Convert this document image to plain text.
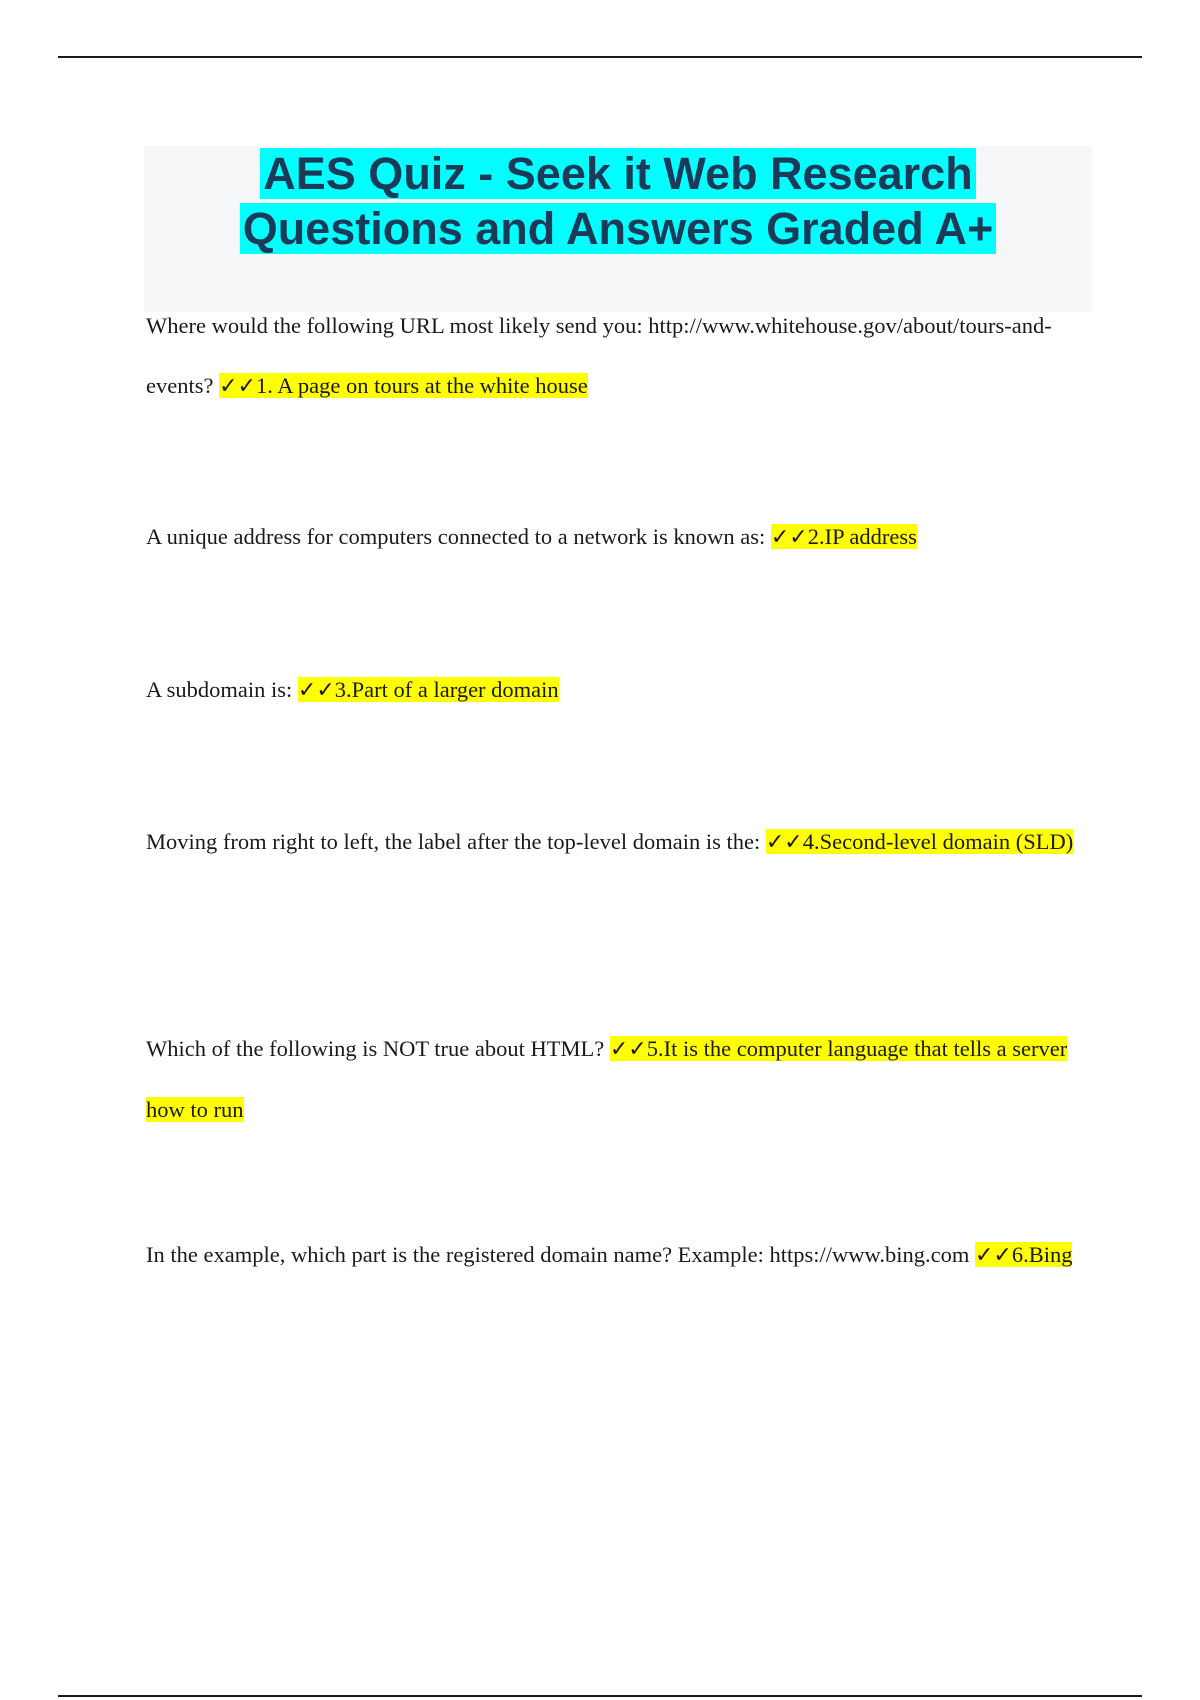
AES Quiz - Seek it Web Research
Questions and Answers Graded A+

Where would the following URL most likely send you: http://www.whitehouse.gov/about/tours-and-events? ✓✓1. A page on tours at the white house

A unique address for computers connected to a network is known as: ✓✓2.IP address

A subdomain is: ✓✓3.Part of a larger domain

Moving from right to left, the label after the top-level domain is the: ✓✓4.Second-level domain (SLD)

Which of the following is NOT true about HTML? ✓✓5.It is the computer language that tells a server how to run

In the example, which part is the registered domain name? Example: https://www.bing.com ✓✓6.Bing
